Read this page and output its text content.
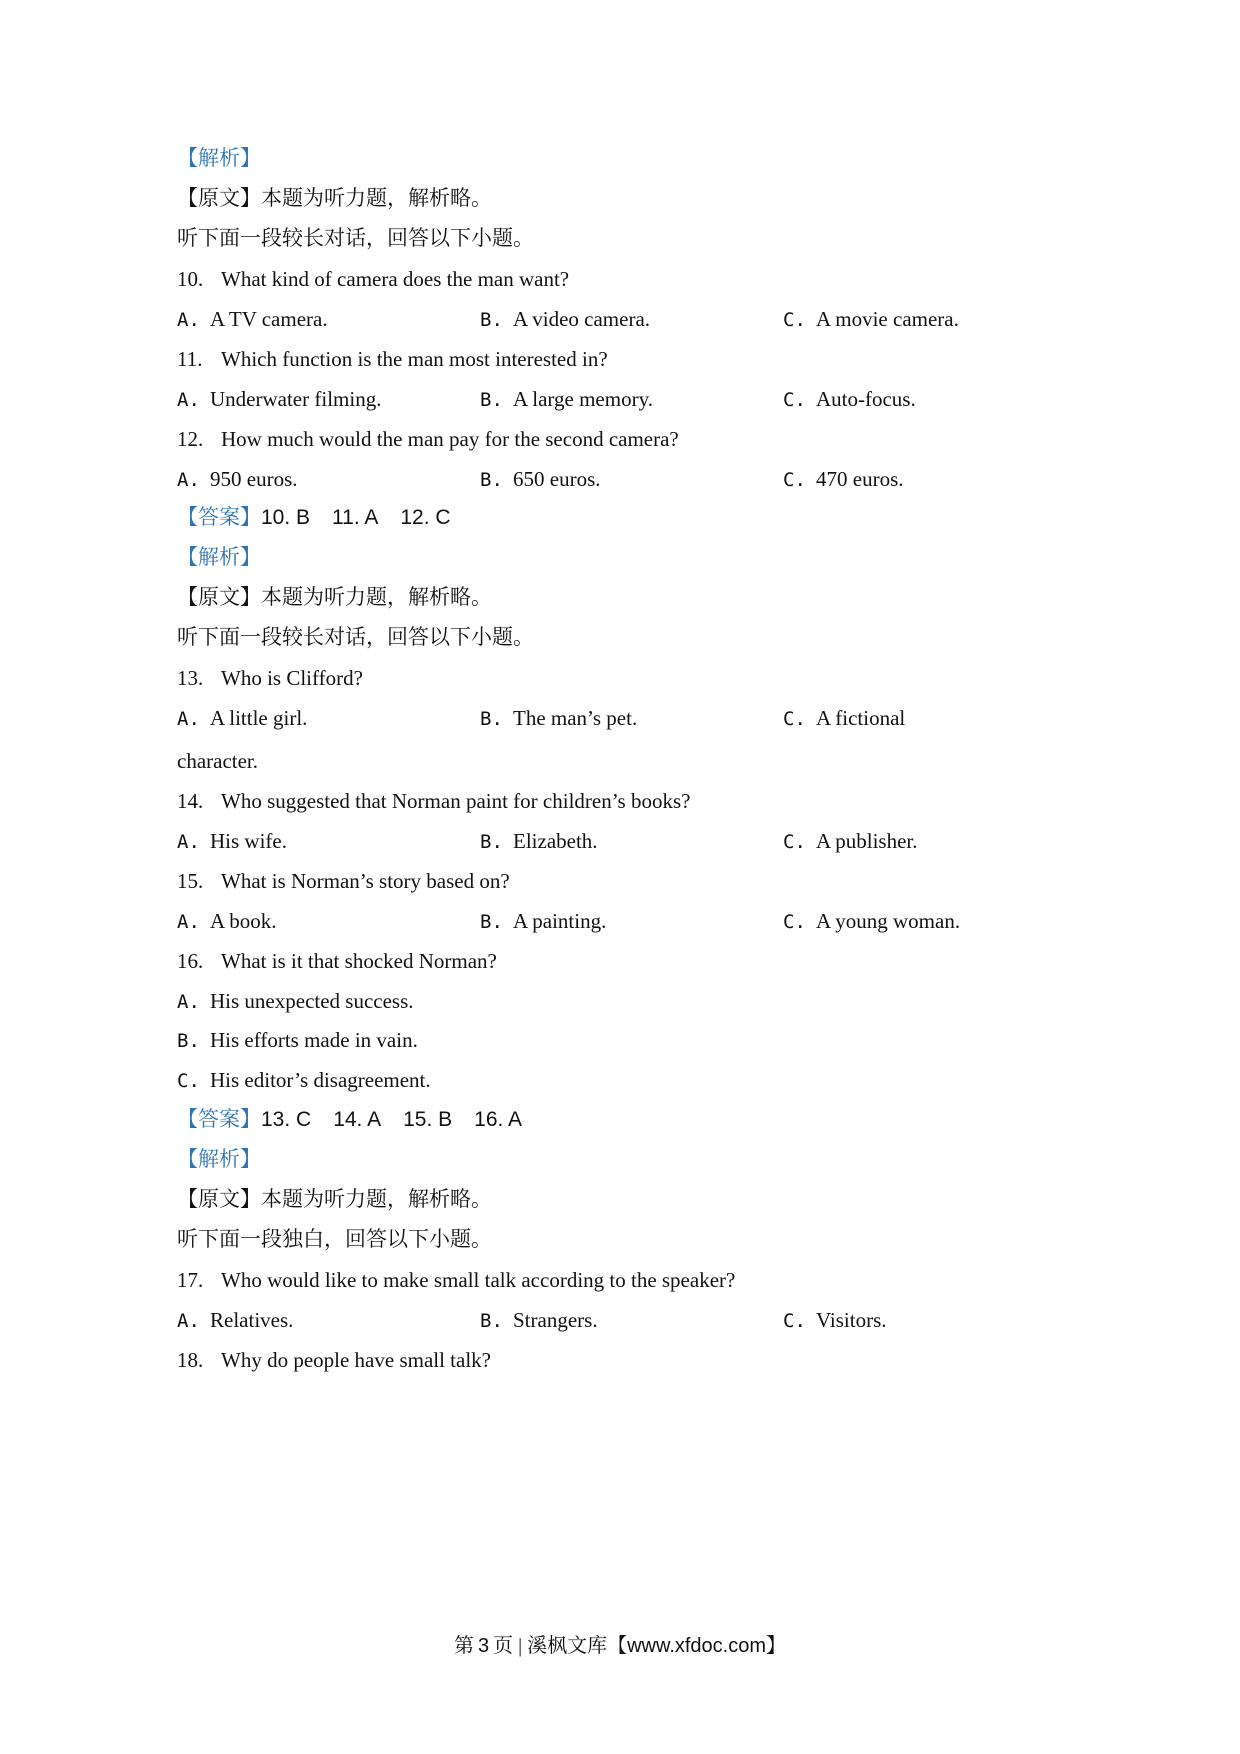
【解析】
【原文】本题为听力题，解析略。
听下面一段较长对话，回答以下小题。
10. What kind of camera does the man want?
A. A TV camera.	B. A video camera.	C. A movie camera.
11. Which function is the man most interested in?
A. Underwater filming.	B. A large memory.	C. Auto-focus.
12. How much would the man pay for the second camera?
A. 950 euros.	B. 650 euros.	C. 470 euros.
【答案】10. B 11. A 12. C
【解析】
【原文】本题为听力题，解析略。
听下面一段较长对话，回答以下小题。
13. Who is Clifford?
A. A little girl.	B. The man’s pet.	C. A fictional
character.
14. Who suggested that Norman paint for children’s books?
A. His wife.	B. Elizabeth.	C. A publisher.
15. What is Norman’s story based on?
A. A book.	B. A painting.	C. A young woman.
16. What is it that shocked Norman?
A. His unexpected success.
B. His efforts made in vain.
C. His editor’s disagreement.
【答案】13. C 14. A 15. B 16. A
【解析】
【原文】本题为听力题，解析略。
听下面一段独白，回答以下小题。
17. Who would like to make small talk according to the speaker?
A. Relatives.	B. Strangers.	C. Visitors.
18. Why do people have small talk?
第 3 页 | 溪枫文库【www.xfdoc.com】
